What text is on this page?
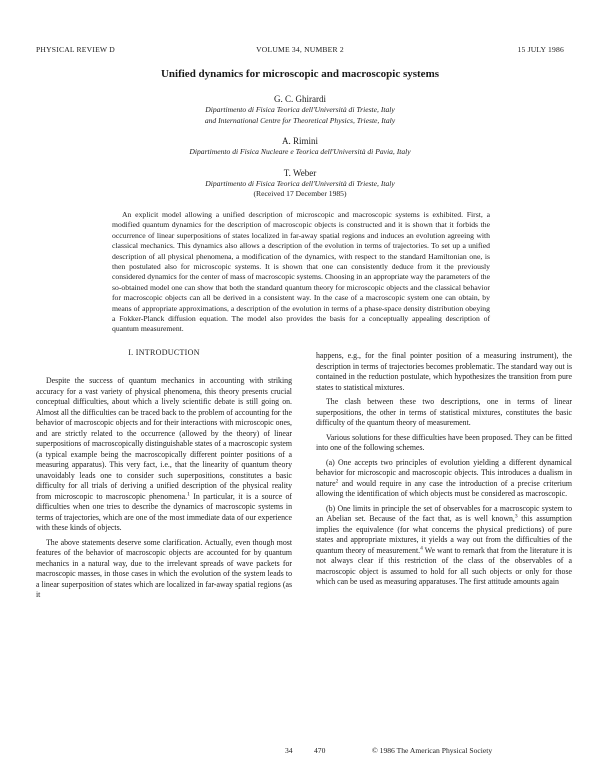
PHYSICAL REVIEW D	VOLUME 34, NUMBER 2	15 JULY 1986
Unified dynamics for microscopic and macroscopic systems
G. C. Ghirardi
Dipartimento di Fisica Teorica dell'Università di Trieste, Italy
and International Centre for Theoretical Physics, Trieste, Italy
A. Rimini
Dipartimento di Fisica Nucleare e Teorica dell'Università di Pavia, Italy
T. Weber
Dipartimento di Fisica Teorica dell'Università di Trieste, Italy
(Received 17 December 1985)

An explicit model allowing a unified description of microscopic and macroscopic systems is exhibited. First, a modified quantum dynamics for the description of macroscopic objects is constructed and it is shown that it forbids the occurrence of linear superpositions of states localized in far-away spatial regions and induces an evolution agreeing with classical mechanics. This dynamics also allows a description of the evolution in terms of trajectories. To set up a unified description of all physical phenomena, a modification of the dynamics, with respect to the standard Hamiltonian one, is then postulated also for microscopic systems. It is shown that one can consistently deduce from it the previously considered dynamics for the center of mass of macroscopic systems. Choosing in an appropriate way the parameters of the so-obtained model one can show that both the standard quantum theory for microscopic objects and the classical behavior for macroscopic objects can all be derived in a consistent way. In the case of a macroscopic system one can obtain, by means of appropriate approximations, a description of the evolution in terms of a phase-space density distribution obeying a Fokker-Planck diffusion equation. The model also provides the basis for a conceptually appealing description of quantum measurement.

I. INTRODUCTION

Despite the success of quantum mechanics in accounting with striking accuracy for a vast variety of physical phenomena, this theory presents crucial conceptual difficulties, about which a lively scientific debate is still going on. Almost all the difficulties can be traced back to the problem of accounting for the behavior of macroscopic objects and for their interactions with microscopic ones, and are strictly related to the occurrence (allowed by the theory) of linear superpositions of macroscopically distinguishable states of a macroscopic system (a typical example being the macroscopically different pointer positions of a measuring apparatus). This very fact, i.e., that the linearity of quantum theory unavoidably leads one to consider such superpositions, constitutes a basic difficulty for all trials of deriving a unified description of the physical reality from microscopic to macroscopic phenomena.$^1$ In particular, it is a source of difficulties when one tries to describe the dynamics of macroscopic systems in terms of trajectories, which are one of the most immediate data of our experience with these kinds of objects.

The above statements deserve some clarification. Actually, even though most features of the behavior of macroscopic objects are accounted for by quantum mechanics in a natural way, due to the irrelevant spreads of wave packets for macroscopic masses, in those cases in which the evolution of the system leads to a linear superposition of states which are localized in far-away spatial regions (as it

happens, e.g., for the final pointer position of a measuring instrument), the description in terms of trajectories becomes problematic. The standard way out is contained in the reduction postulate, which hypothesizes the transition from pure states to statistical mixtures.

The clash between these two descriptions, one in terms of linear superpositions, the other in terms of statistical mixtures, constitutes the basic difficulty of the quantum theory of measurement.

Various solutions for these difficulties have been proposed. They can be fitted into one of the following schemes.

(a) One accepts two principles of evolution yielding a different dynamical behavior for microscopic and macroscopic objects. This introduces a dualism in nature$^2$ and would require in any case the introduction of a precise criterium allowing the identification of which objects must be considered as macroscopic.

(b) One limits in principle the set of observables for a macroscopic system to an Abelian set. Because of the fact that, as is well known,$^3$ this assumption implies the equivalence (for what concerns the physical predictions) of pure states and appropriate mixtures, it yields a way out from the difficulties of the quantum theory of measurement.$^4$ We want to remark that from the literature it is not always clear if this restriction of the class of the observables of a macroscopic object is assumed to hold for all such objects or only for those which can be used as measuring apparatuses. The first attitude amounts again

34	470	© 1986 The American Physical Society
